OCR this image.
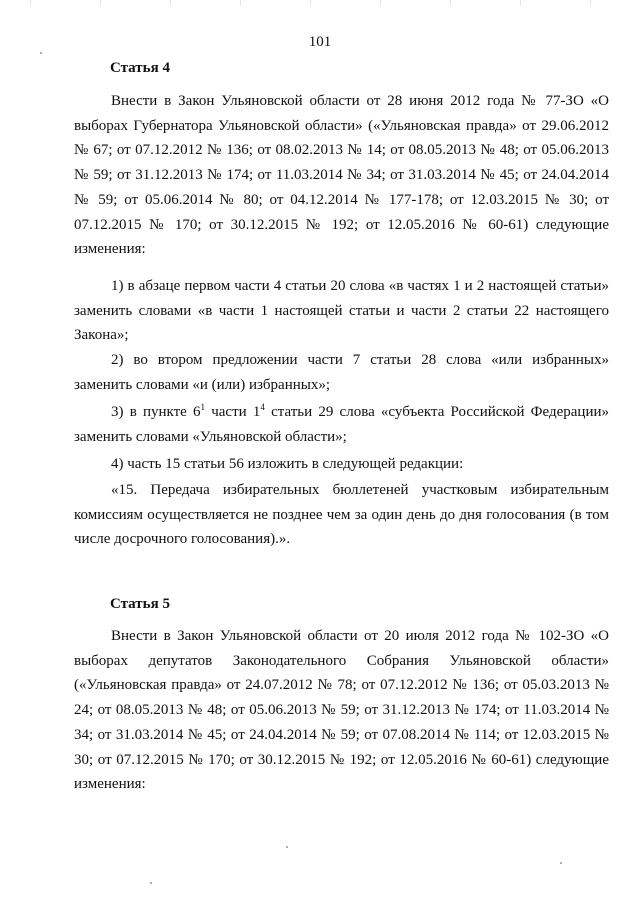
101
Статья 4

Внести в Закон Ульяновской области от 28 июня 2012 года № 77-ЗО «О выборах Губернатора Ульяновской области» («Ульяновская правда» от 29.06.2012 № 67; от 07.12.2012 № 136; от 08.02.2013 № 14; от 08.05.2013 № 48; от 05.06.2013 № 59; от 31.12.2013 № 174; от 11.03.2014 № 34; от 31.03.2014 № 45; от 24.04.2014 № 59; от 05.06.2014 № 80; от 04.12.2014 № 177-178; от 12.03.2015 № 30; от 07.12.2015 № 170; от 30.12.2015 № 192; от 12.05.2016 № 60-61) следующие изменения:

1) в абзаце первом части 4 статьи 20 слова «в частях 1 и 2 настоящей статьи» заменить словами «в части 1 настоящей статьи и части 2 статьи 22 настоящего Закона»;

2) во втором предложении части 7 статьи 28 слова «или избранных» заменить словами «и (или) избранных»;

3) в пункте $6^1$ части $1^4$ статьи 29 слова «субъекта Российской Федерации» заменить словами «Ульяновской области»;

4) часть 15 статьи 56 изложить в следующей редакции:

«15. Передача избирательных бюллетеней участковым избирательным комиссиям осуществляется не позднее чем за один день до дня голосования (в том числе досрочного голосования).».

Статья 5

Внести в Закон Ульяновской области от 20 июля 2012 года № 102-ЗО «О выборах депутатов Законодательного Собрания Ульяновской области» («Ульяновская правда» от 24.07.2012 № 78; от 07.12.2012 № 136; от 05.03.2013 № 24; от 08.05.2013 № 48; от 05.06.2013 № 59; от 31.12.2013 № 174; от 11.03.2014 № 34; от 31.03.2014 № 45; от 24.04.2014 № 59; от 07.08.2014 № 114; от 12.03.2015 № 30; от 07.12.2015 № 170; от 30.12.2015 № 192; от 12.05.2016 № 60-61) следующие изменения:
